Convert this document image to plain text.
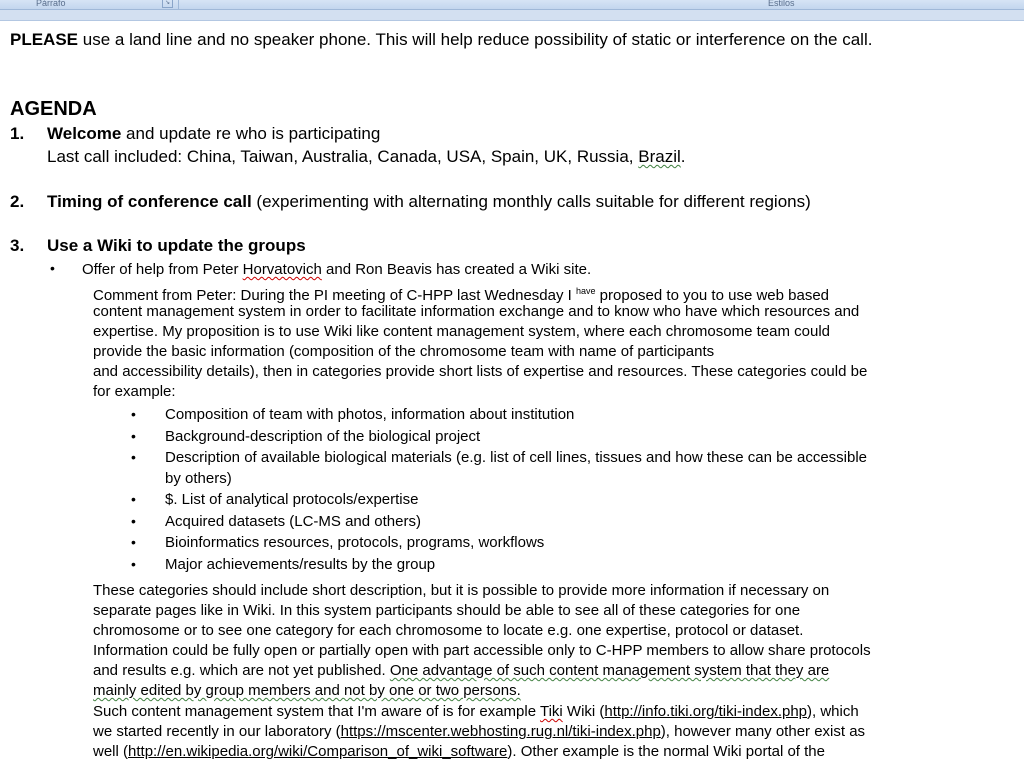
Párrafo	↘	Estilos
PLEASE use a land line and no speaker phone. This will help reduce possibility of static or interference on the call.
AGENDA
1. Welcome and update re who is participating
Last call included: China, Taiwan, Australia, Canada, USA, Spain, UK, Russia, Brazil.
2. Timing of conference call (experimenting with alternating monthly calls suitable for different regions)
3. Use a Wiki to update the groups
• Offer of help from Peter Horvatovich and Ron Beavis has created a Wiki site.
Comment from Peter: During the PI meeting of C-HPP last Wednesday I $^{have}$ proposed to you to use web based
content management system in order to facilitate information exchange and to know who have which resources and
expertise. My proposition is to use Wiki like content management system, where each chromosome team could
provide the basic information (composition of the chromosome team with name of participants
and accessibility details), then in categories provide short lists of expertise and resources. These categories could be
for example:
• Composition of team with photos, information about institution
• Background-description of the biological project
• Description of available biological materials (e.g. list of cell lines, tissues and how these can be accessible
by others)
• $. List of analytical protocols/expertise
• Acquired datasets (LC-MS and others)
• Bioinformatics resources, protocols, programs, workflows
• Major achievements/results by the group
These categories should include short description, but it is possible to provide more information if necessary on
separate pages like in Wiki. In this system participants should be able to see all of these categories for one
chromosome or to see one category for each chromosome to locate e.g. one expertise, protocol or dataset.
Information could be fully open or partially open with part accessible only to C-HPP members to allow share protocols
and results e.g. which are not yet published. One advantage of such content management system that they are
mainly edited by group members and not by one or two persons.
Such content management system that I'm aware of is for example Tiki Wiki (http://info.tiki.org/tiki-index.php), which
we started recently in our laboratory (https://mscenter.webhosting.rug.nl/tiki-index.php), however many other exist as
well (http://en.wikipedia.org/wiki/Comparison_of_wiki_software). Other example is the normal Wiki portal of the
